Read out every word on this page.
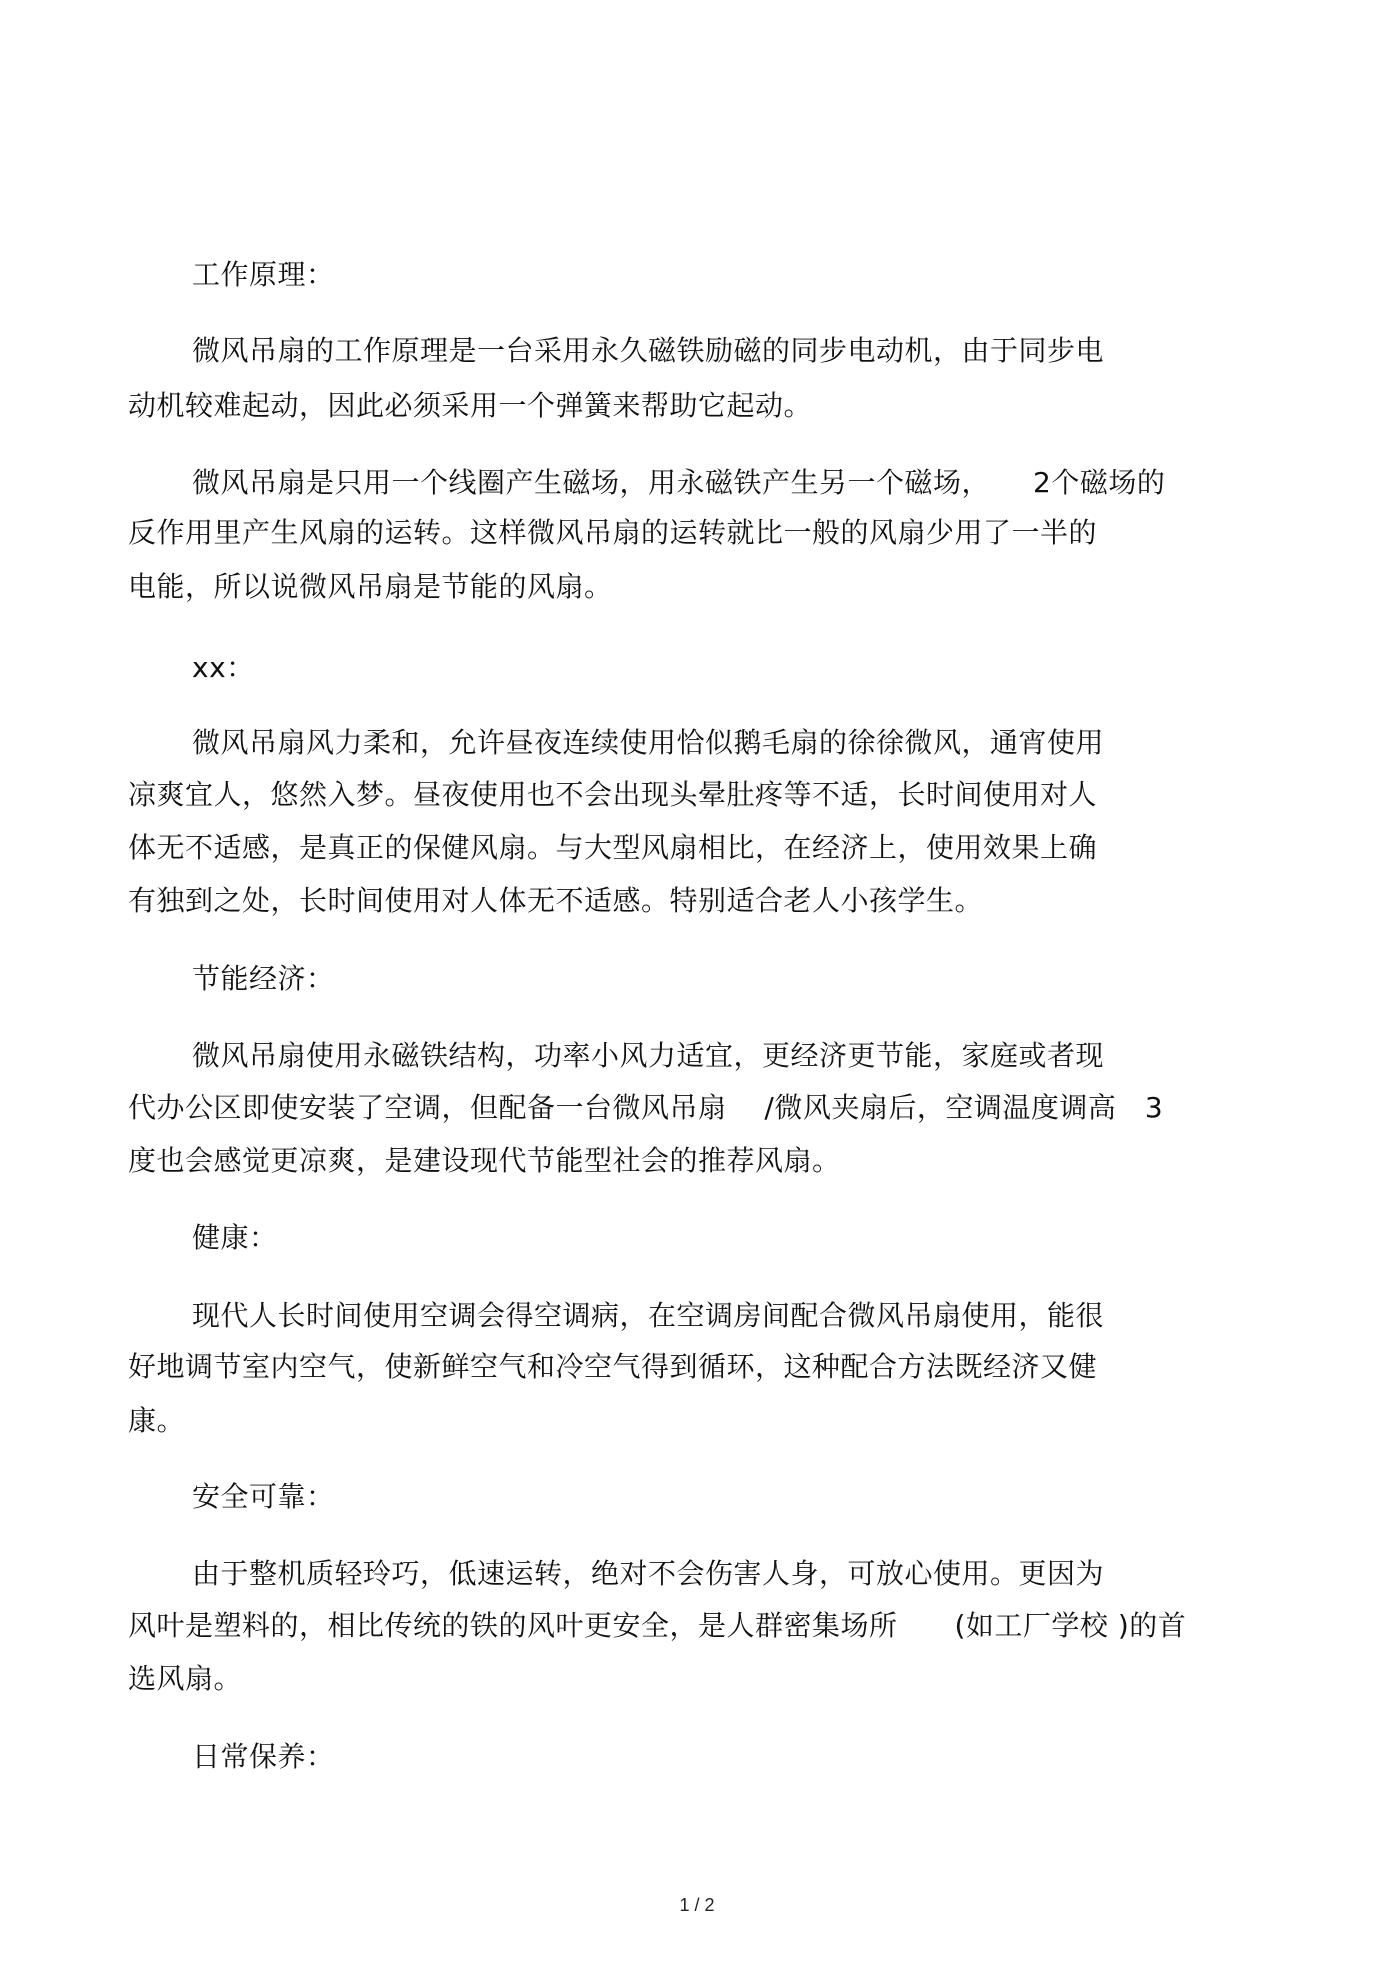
工作原理：
微风吊扇的工作原理是一台采用永久磁铁励磁的同步电动机，由于同步电
动机较难起动，因此必须采用一个弹簧来帮助它起动。
微风吊扇是只用一个线圈产生磁场，用永磁铁产生另一个磁场，　　2个磁场的
反作用里产生风扇的运转。这样微风吊扇的运转就比一般的风扇少用了一半的
电能，所以说微风吊扇是节能的风扇。
xx：
微风吊扇风力柔和，允许昼夜连续使用恰似鹅毛扇的徐徐微风，通宵使用
凉爽宜人，悠然入梦。昼夜使用也不会出现头晕肚疼等不适，长时间使用对人
体无不适感，是真正的保健风扇。与大型风扇相比，在经济上，使用效果上确
有独到之处，长时间使用对人体无不适感。特别适合老人小孩学生。
节能经济：
微风吊扇使用永磁铁结构，功率小风力适宜，更经济更节能，家庭或者现
代办公区即使安装了空调，但配备一台微风吊扇　 /微风夹扇后，空调温度调高　3
度也会感觉更凉爽，是建设现代节能型社会的推荐风扇。
健康：
现代人长时间使用空调会得空调病，在空调房间配合微风吊扇使用，能很
好地调节室内空气，使新鲜空气和冷空气得到循环，这种配合方法既经济又健
康。
安全可靠：
由于整机质轻玲巧，低速运转，绝对不会伤害人身，可放心使用。更因为
风叶是塑料的，相比传统的铁的风叶更安全，是人群密集场所　　(如工厂学校 )的首
选风扇。
日常保养：
1 / 2
